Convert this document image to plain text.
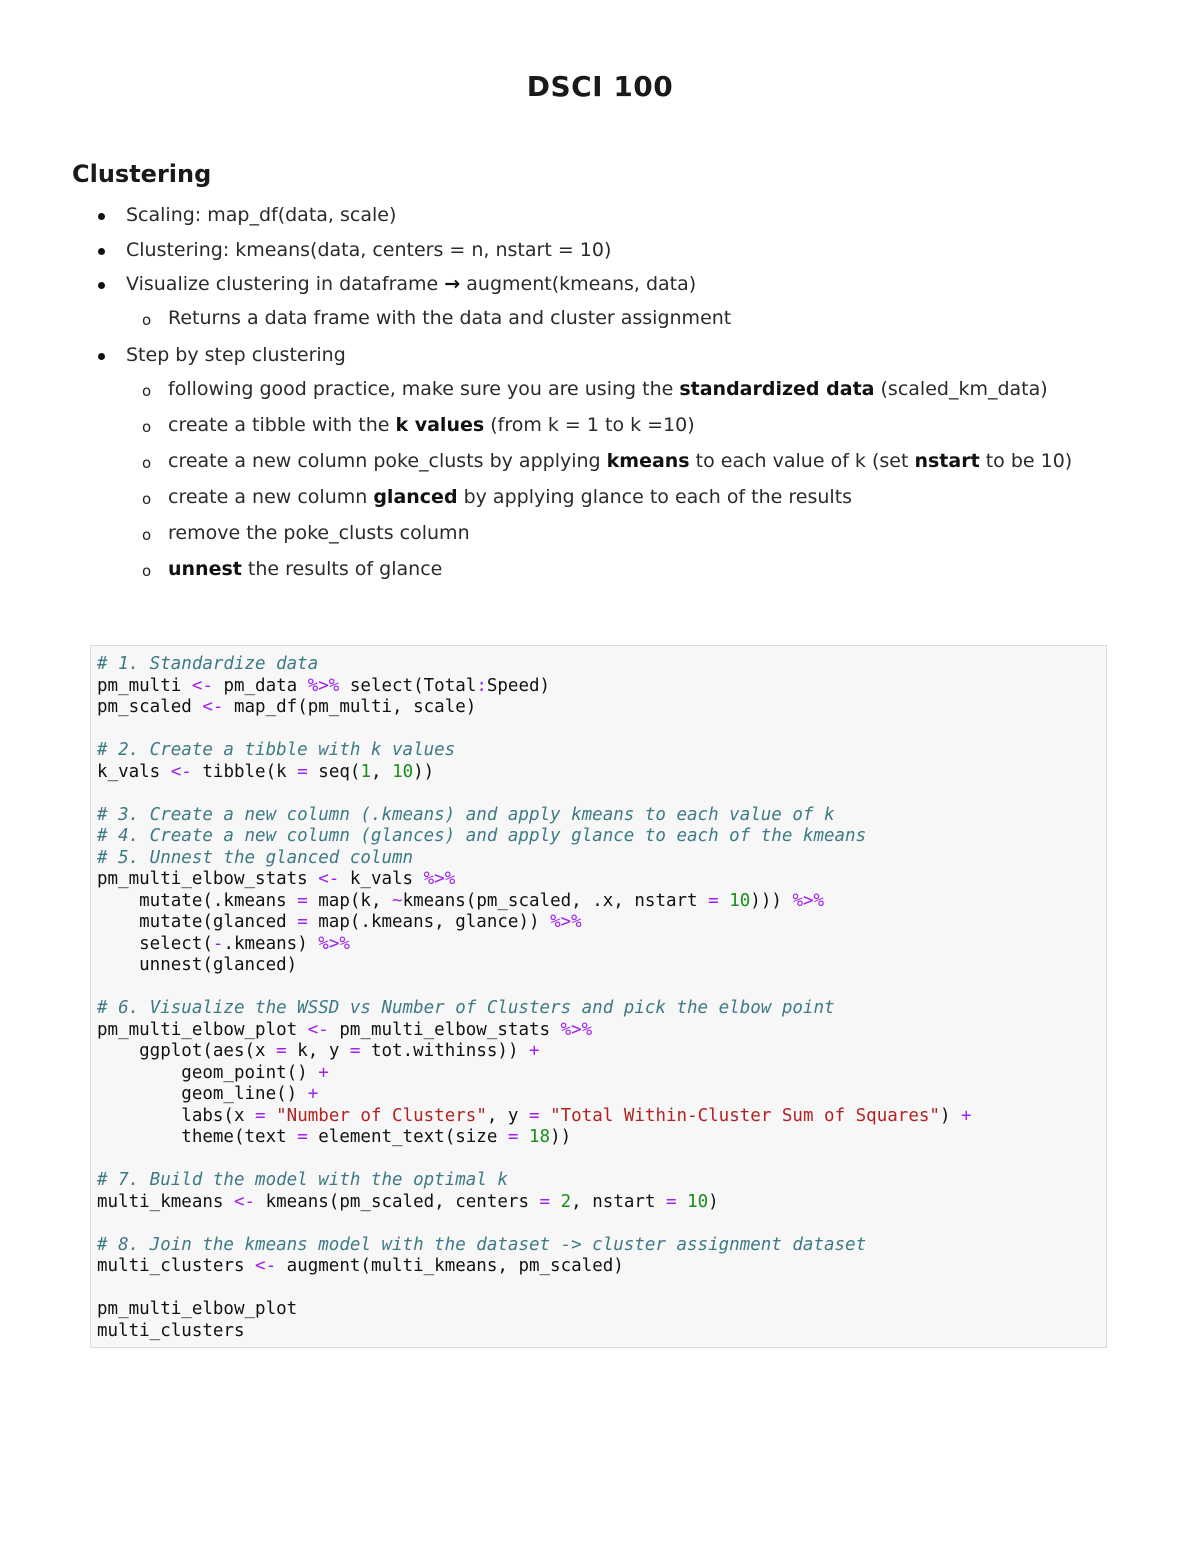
DSCI 100
Clustering
Scaling: map_df(data, scale)
Clustering: kmeans(data, centers = n, nstart = 10)
Visualize clustering in dataframe → augment(kmeans, data)
o Returns a data frame with the data and cluster assignment
Step by step clustering
o following good practice, make sure you are using the standardized data (scaled_km_data)
o create a tibble with the k values (from k = 1 to k =10)
o create a new column poke_clusts by applying kmeans to each value of k (set nstart to be 10)
o create a new column glanced by applying glance to each of the results
o remove the poke_clusts column
o unnest the results of glance
# 1. Standardize data
pm_multi <- pm_data %>% select(Total:Speed)
pm_scaled <- map_df(pm_multi, scale)
# 2. Create a tibble with k values
k_vals <- tibble(k = seq(1, 10))
# 3. Create a new column (.kmeans) and apply kmeans to each value of k
# 4. Create a new column (glances) and apply glance to each of the kmeans
# 5. Unnest the glanced column
pm_multi_elbow_stats <- k_vals %>%
mutate(.kmeans = map(k, ~kmeans(pm_scaled, .x, nstart = 10))) %>%
mutate(glanced = map(.kmeans, glance)) %>%
select(-.kmeans) %>%
unnest(glanced)
# 6. Visualize the WSSD vs Number of Clusters and pick the elbow point
pm_multi_elbow_plot <- pm_multi_elbow_stats %>%
ggplot(aes(x = k, y = tot.withinss)) +
geom_point() +
geom_line() +
labs(x = "Number of Clusters", y = "Total Within-Cluster Sum of Squares") +
theme(text = element_text(size = 18))
# 7. Build the model with the optimal k
multi_kmeans <- kmeans(pm_scaled, centers = 2, nstart = 10)
# 8. Join the kmeans model with the dataset -> cluster assignment dataset
multi_clusters <- augment(multi_kmeans, pm_scaled)
pm_multi_elbow_plot
multi_clusters
